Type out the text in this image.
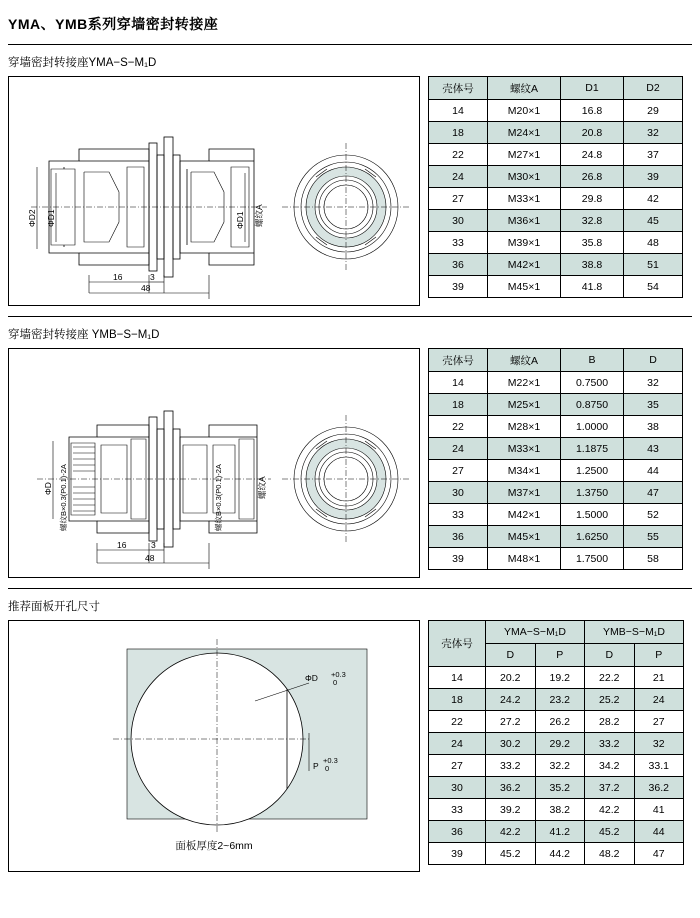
YMA、YMB系列穿墙密封转接座
穿墙密封转接座YMA−S−M₁D
ΦD2 ΦD1	ΦD1 螺纹A
16	3
48
壳体号	螺纹A	D1	D2
14	M20×1	16.8	29
18	M24×1	20.8	32
22	M27×1	24.8	37
24	M30×1	26.8	39
27	M33×1	29.8	42
30	M36×1	32.8	45
33	M39×1	35.8	48
36	M42×1	38.8	51
39	M45×1	41.8	54
穿墙密封转接座 YMB−S−M₁D
ΦD 螺纹B×0.3(P0.1)-2A	螺纹B×0.3(P0.1)-2A	螺纹A
16	3
48
壳体号	螺纹A	B	D
14	M22×1	0.7500	32
18	M25×1	0.8750	35
22	M28×1	1.0000	38
24	M33×1	1.1875	43
27	M34×1	1.2500	44
30	M37×1	1.3750	47
33	M42×1	1.5000	52
36	M45×1	1.6250	55
39	M48×1	1.7500	58
推荐面板开孔尺寸
ΦD +0.3
0
P
+0.3
0
面板厚度2~6mm
壳体号	YMA−S−M₁D		YMB−S−M₁D	
	D	P	D	P
14	20.2	19.2	22.2	21
18	24.2	23.2	25.2	24
22	27.2	26.2	28.2	27
24	30.2	29.2	33.2	32
27	33.2	32.2	34.2	33.1
30	36.2	35.2	37.2	36.2
33	39.2	38.2	42.2	41
36	42.2	41.2	45.2	44
39	45.2	44.2	48.2	47
